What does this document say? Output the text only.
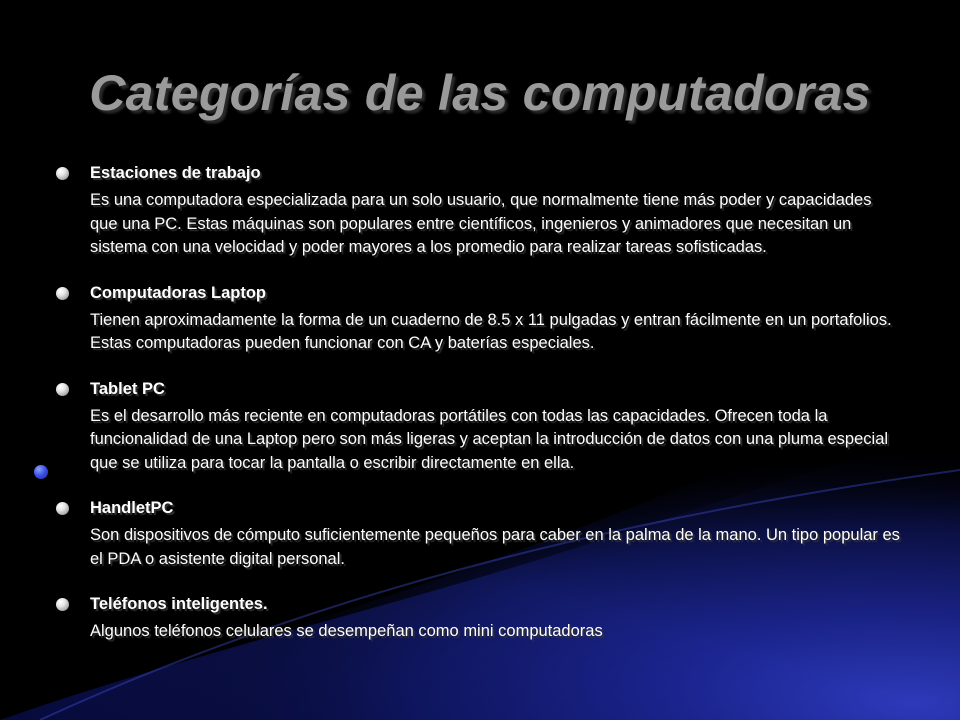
Categorías de las computadoras
Estaciones de trabajo
Es una computadora especializada para un solo usuario, que normalmente tiene más poder y capacidades que una PC. Estas máquinas son populares entre científicos, ingenieros y animadores que necesitan un sistema con una velocidad y poder mayores a los promedio para realizar tareas sofisticadas.
Computadoras Laptop
Tienen aproximadamente la forma de un cuaderno de 8.5 x 11 pulgadas y entran fácilmente en un portafolios. Estas computadoras pueden funcionar con CA y baterías especiales.
Tablet PC
Es el desarrollo más reciente en computadoras portátiles con todas las capacidades. Ofrecen toda la funcionalidad de una Laptop pero son más ligeras y aceptan la introducción de datos con una pluma especial que se utiliza para tocar la pantalla o escribir directamente en ella.
HandletPC
Son dispositivos de cómputo suficientemente pequeños para caber en la palma de la mano. Un tipo popular es el PDA o asistente digital personal.
Teléfonos inteligentes.
Algunos teléfonos celulares se desempeñan como mini computadoras
